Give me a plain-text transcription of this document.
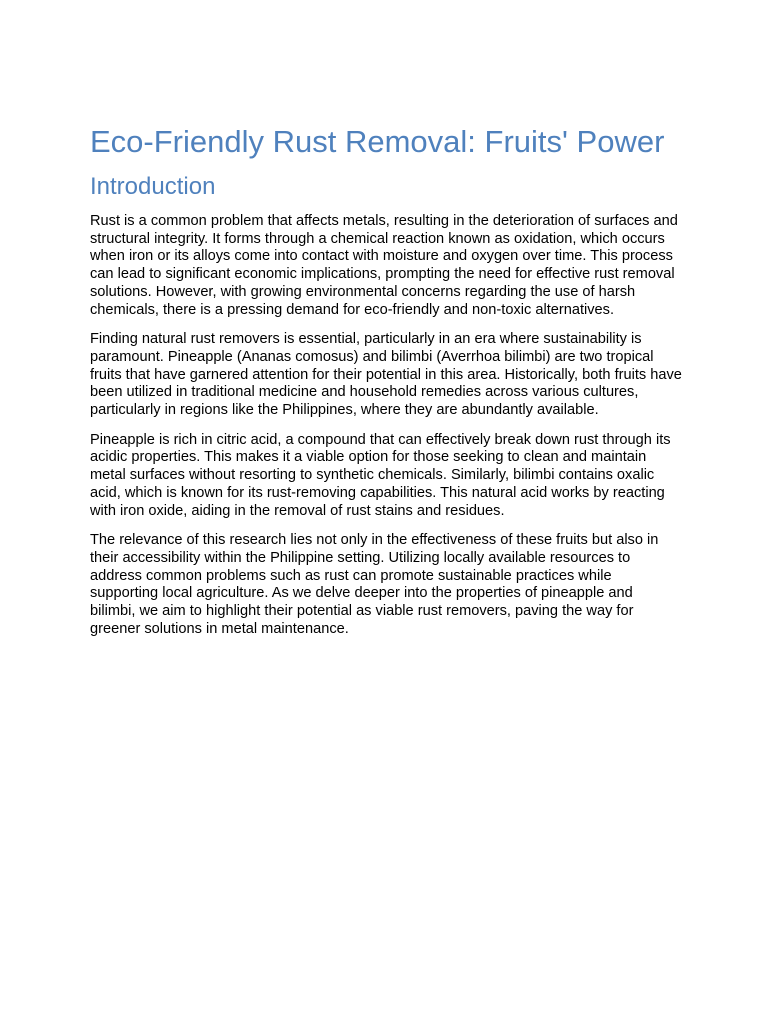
Eco-Friendly Rust Removal: Fruits' Power
Introduction

Rust is a common problem that affects metals, resulting in the deterioration of surfaces and structural integrity. It forms through a chemical reaction known as oxidation, which occurs when iron or its alloys come into contact with moisture and oxygen over time. This process can lead to significant economic implications, prompting the need for effective rust removal solutions. However, with growing environmental concerns regarding the use of harsh chemicals, there is a pressing demand for eco-friendly and non-toxic alternatives.

Finding natural rust removers is essential, particularly in an era where sustainability is paramount. Pineapple (Ananas comosus) and bilimbi (Averrhoa bilimbi) are two tropical fruits that have garnered attention for their potential in this area. Historically, both fruits have been utilized in traditional medicine and household remedies across various cultures, particularly in regions like the Philippines, where they are abundantly available.

Pineapple is rich in citric acid, a compound that can effectively break down rust through its acidic properties. This makes it a viable option for those seeking to clean and maintain metal surfaces without resorting to synthetic chemicals. Similarly, bilimbi contains oxalic acid, which is known for its rust-removing capabilities. This natural acid works by reacting with iron oxide, aiding in the removal of rust stains and residues.

The relevance of this research lies not only in the effectiveness of these fruits but also in their accessibility within the Philippine setting. Utilizing locally available resources to address common problems such as rust can promote sustainable practices while supporting local agriculture. As we delve deeper into the properties of pineapple and bilimbi, we aim to highlight their potential as viable rust removers, paving the way for greener solutions in metal maintenance.
